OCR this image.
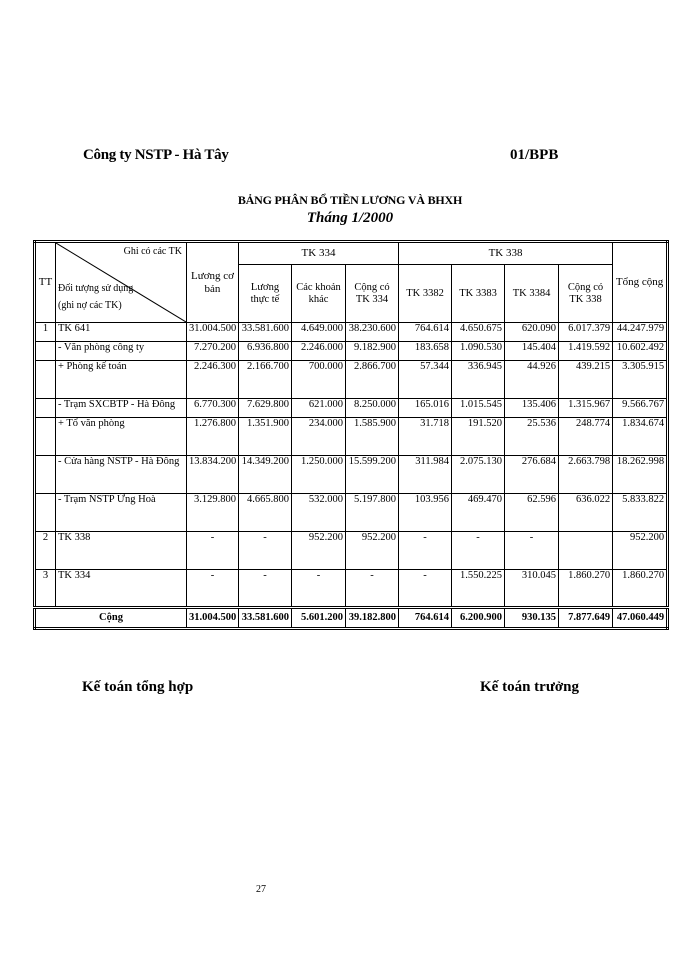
Công ty NSTP - Hà Tây	01/BPB
BẢNG PHÂN BỔ TIỀN LƯƠNG VÀ BHXH
Tháng 1/2000
TT	Ghi có các TK
Đối tượng sử dụng
(ghi nợ các TK)	Lương cơ bản	TK 334			TK 338				Tổng cộng
			Lương thực tế	Các khoản khác	Cộng có TK 334	TK 3382	TK 3383	TK 3384	Cộng có TK 338	
1	TK 641	31.004.500	33.581.600	4.649.000	38.230.600	764.614	4.650.675	620.090	6.017.379	44.247.979
	- Văn phòng công ty	7.270.200	6.936.800	2.246.000	9.182.900	183.658	1.090.530	145.404	1.419.592	10.602.492
	+ Phòng kế toán	2.246.300	2.166.700	700.000	2.866.700	57.344	336.945	44.926	439.215	3.305.915
	- Trạm SXCBTP - Hà Đông	6.770.300	7.629.800	621.000	8.250.000	165.016	1.015.545	135.406	1.315.967	9.566.767
	+ Tổ văn phòng	1.276.800	1.351.900	234.000	1.585.900	31.718	191.520	25.536	248.774	1.834.674
	- Cửa hàng NSTP - Hà Đông	13.834.200	14.349.200	1.250.000	15.599.200	311.984	2.075.130	276.684	2.663.798	18.262.998
	- Trạm NSTP Ứng Hoà	3.129.800	4.665.800	532.000	5.197.800	103.956	469.470	62.596	636.022	5.833.822
2	TK 338	-	-	952.200	952.200	-	-	-		952.200
3	TK 334	-	-	-	-	-	1.550.225	310.045	1.860.270	1.860.270
Cộng		31.004.500	33.581.600	5.601.200	39.182.800	764.614	6.200.900	930.135	7.877.649	47.060.449
Kế toán tổng hợp	Kế toán trưởng
27
